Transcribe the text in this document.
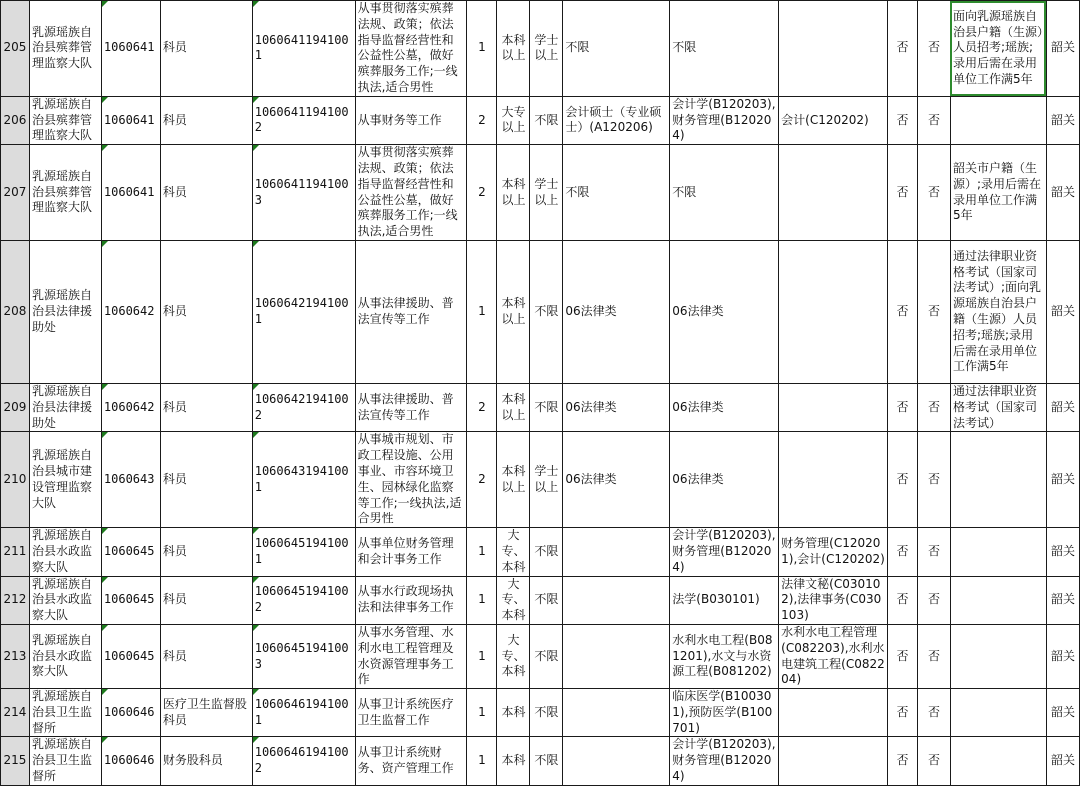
205	乳源瑶族自治县殡葬管理监察大队	1060641	科员	10606411941001	从事贯彻落实殡葬法规、政策；依法指导监督经营性和公益性公墓，做好殡葬服务工作;一线执法,适合男性	1	本科以上	学士以上	不限	不限		否	否	面向乳源瑶族自治县户籍（生源）人员招考;瑶族;录用后需在录用单位工作满5年	韶关
206	乳源瑶族自治县殡葬管理监察大队	1060641	科员	10606411941002	从事财务等工作	2	大专以上	不限	会计硕士（专业硕士）(A120206)	会计学(B120203),财务管理(B120204)	会计(C120202)	否	否		韶关
207	乳源瑶族自治县殡葬管理监察大队	1060641	科员	10606411941003	从事贯彻落实殡葬法规、政策；依法指导监督经营性和公益性公墓，做好殡葬服务工作;一线执法,适合男性	2	本科以上	学士以上	不限	不限		否	否	韶关市户籍（生源）;录用后需在录用单位工作满5年	韶关
208	乳源瑶族自治县法律援助处	1060642	科员	10606421941001	从事法律援助、普法宣传等工作	1	本科以上	不限	06法律类	06法律类		否	否	通过法律职业资格考试（国家司法考试）;面向乳源瑶族自治县户籍（生源）人员招考;瑶族;录用后需在录用单位工作满5年	韶关
209	乳源瑶族自治县法律援助处	1060642	科员	10606421941002	从事法律援助、普法宣传等工作	2	本科以上	不限	06法律类	06法律类		否	否	通过法律职业资格考试（国家司法考试）	韶关
210	乳源瑶族自治县城市建设管理监察大队	1060643	科员	10606431941001	从事城市规划、市政工程设施、公用事业、市容环境卫生、园林绿化监察等工作;一线执法,适合男性	2	本科以上	学士以上	06法律类	06法律类		否	否		韶关
211	乳源瑶族自治县水政监察大队	1060645	科员	10606451941001	从事单位财务管理和会计事务工作	1	大专、本科	不限		会计学(B120203),财务管理(B120204)	财务管理(C120201),会计(C120202)	否	否		韶关
212	乳源瑶族自治县水政监察大队	1060645	科员	10606451941002	从事水行政现场执法和法律事务工作	1	大专、本科	不限		法学(B030101)	法律文秘(C030102),法律事务(C030103)	否	否		韶关
213	乳源瑶族自治县水政监察大队	1060645	科员	10606451941003	从事水务管理、水利水电工程管理及水资源管理事务工作	1	大专、本科	不限		水利水电工程(B081201),水文与水资源工程(B081202)	水利水电工程管理(C082203),水利水电建筑工程(C082204)	否	否		韶关
214	乳源瑶族自治县卫生监督所	1060646	医疗卫生监督股科员	10606461941001	从事卫计系统医疗卫生监督工作	1	本科	不限		临床医学(B100301),预防医学(B100701)		否	否		韶关
215	乳源瑶族自治县卫生监督所	1060646	财务股科员	10606461941002	从事卫计系统财务、资产管理工作	1	本科	不限		会计学(B120203),财务管理(B120204)		否	否		韶关
